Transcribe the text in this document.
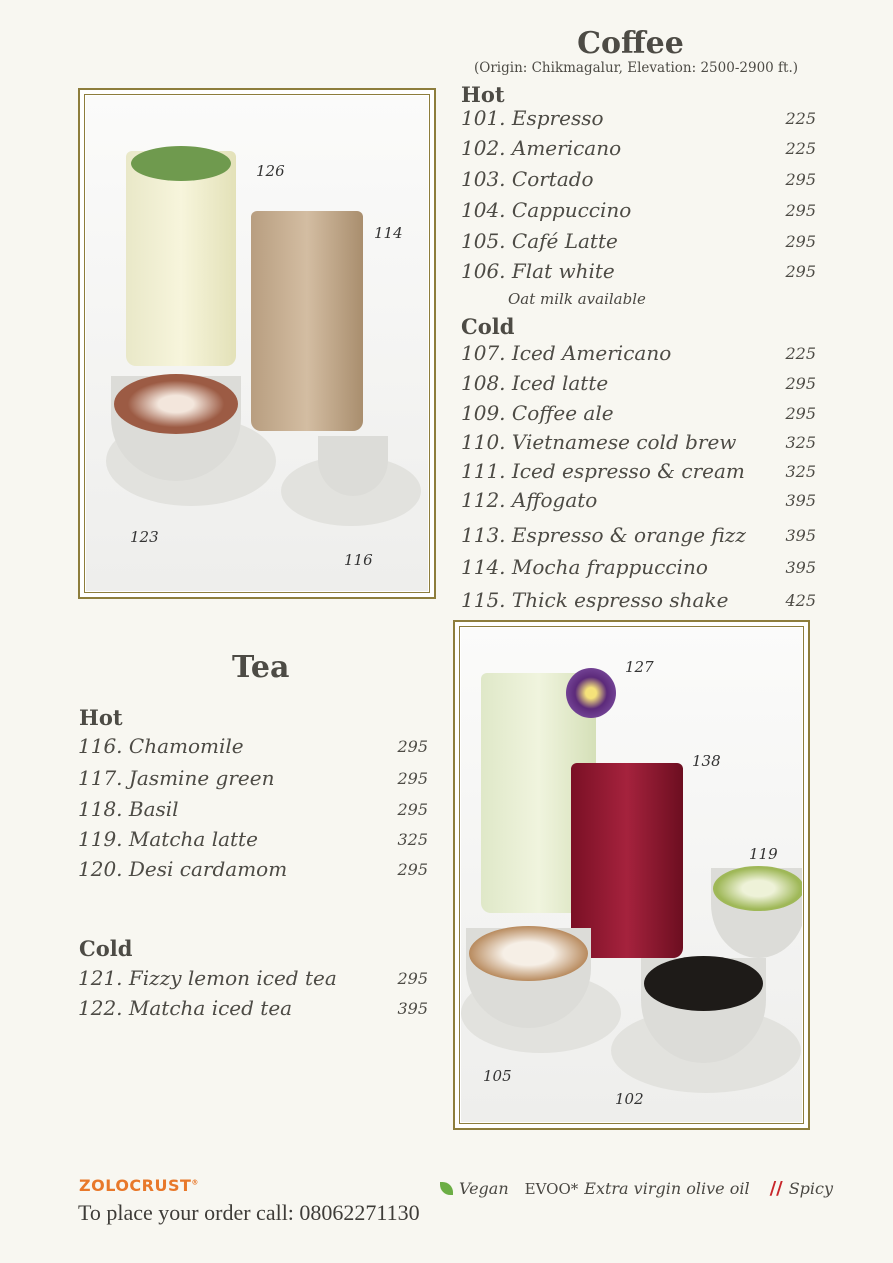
Coffee
(Origin: Chikmagalur, Elevation: 2500-2900 ft.)
Hot
101. Espresso	225
102. Americano	225
103. Cortado	295
104. Cappuccino	295
105. Café Latte	295
106. Flat white	295
Oat milk available
Cold
107. Iced Americano	225
108. Iced latte	295
109. Coffee ale	295
110. Vietnamese cold brew	325
111. Iced espresso & cream	325
112. Affogato	395
113. Espresso & orange fizz 395
114. Mocha frappuccino	395
115. Thick espresso shake	425
Tea
Hot
116. Chamomile	295
117. Jasmine green	295
118. Basil	295
119. Matcha latte	325
120. Desi cardamom	295
Cold
121. Fizzy lemon iced tea	295
122. Matcha iced tea	395
126
114
123
116
127
138
119
105
102
ZOLOCRUST®
To place your order call: 08062271130
Vegan EVOO* Extra virgin olive oil // Spicy
